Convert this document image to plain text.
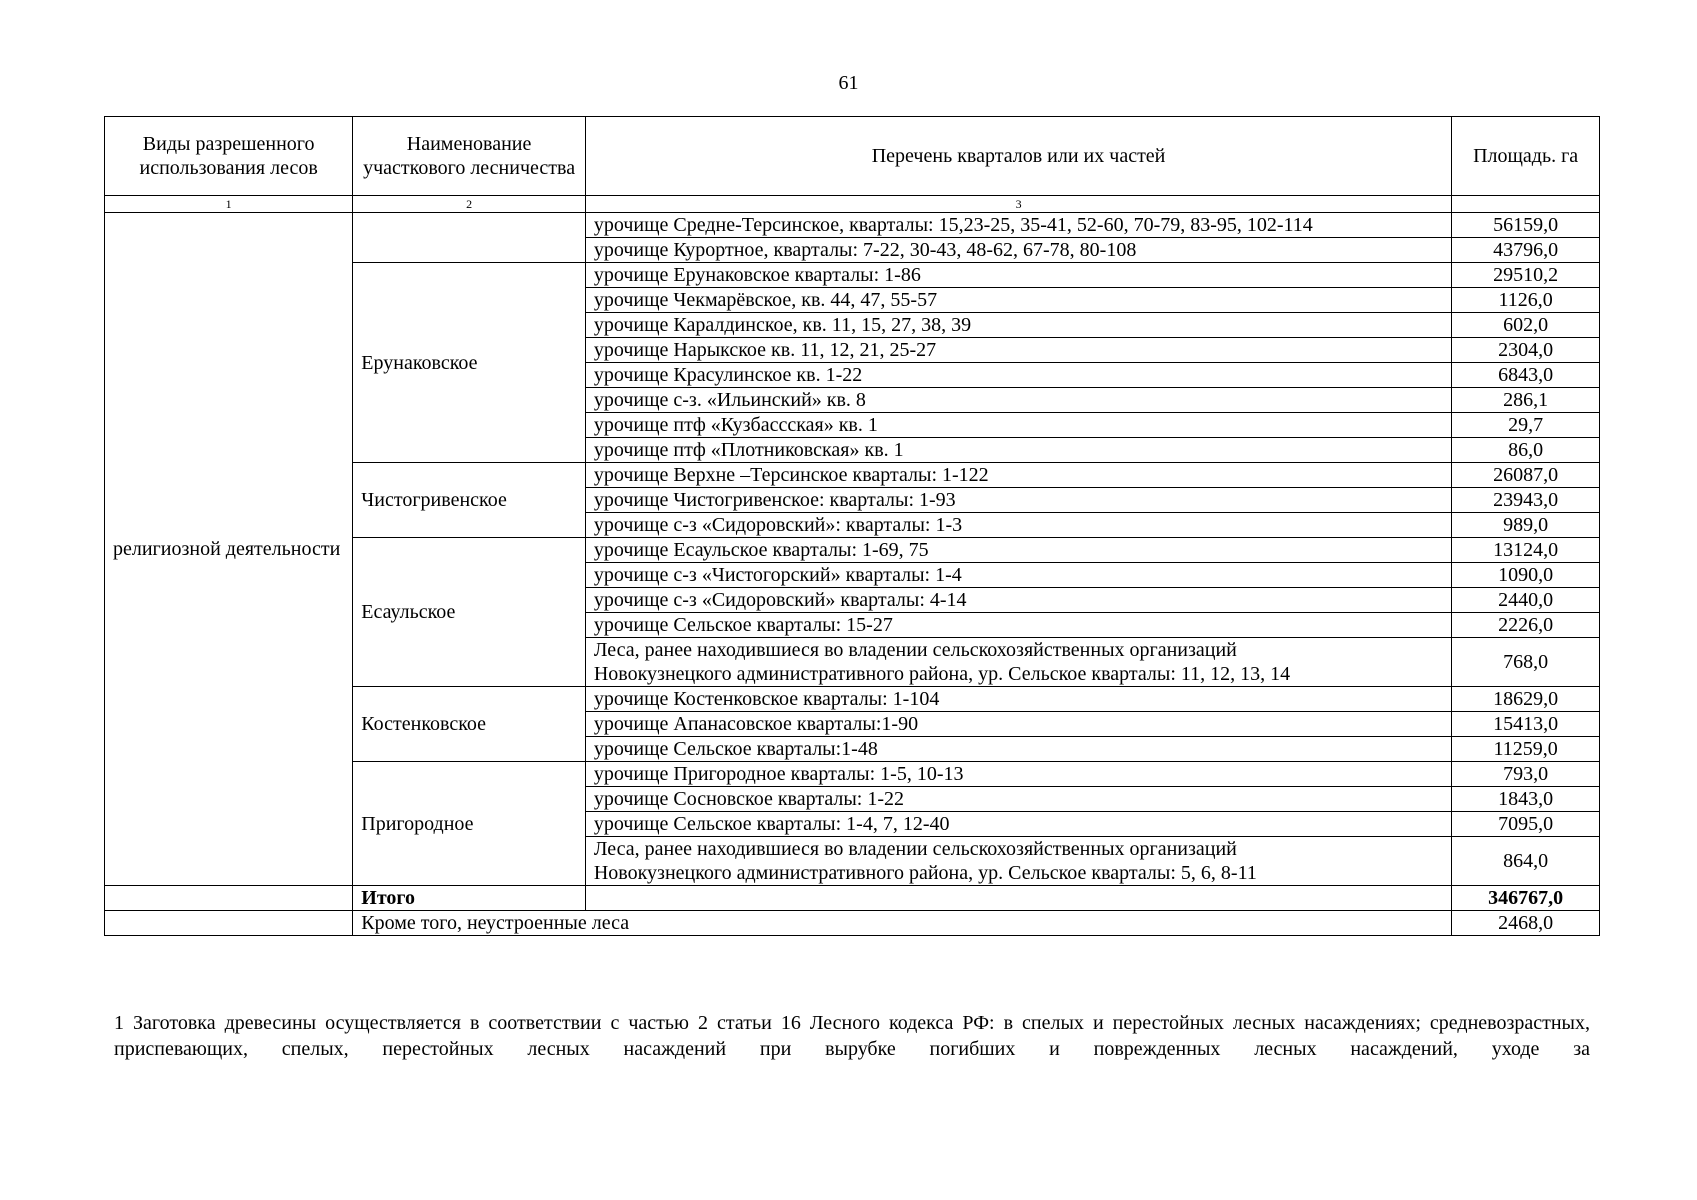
61
Виды разрешенного использования лесов	Наименование участкового лесничества	Перечень кварталов или их частей	Площадь. га
1	2	3	
религиозной деятельности		урочище Средне-Терсинское, кварталы: 15,23-25, 35-41, 52-60, 70-79, 83-95, 102-114	56159,0
		урочище Курортное, кварталы: 7-22, 30-43, 48-62, 67-78, 80-108	43796,0
	Ерунаковское	урочище Ерунаковское кварталы: 1-86	29510,2
		урочище Чекмарёвское, кв. 44, 47, 55-57	1126,0
		урочище Каралдинское, кв. 11, 15, 27, 38, 39	602,0
		урочище Нарыкское кв. 11, 12, 21, 25-27	2304,0
		урочище Красулинское кв. 1-22	6843,0
		урочище с-з. «Ильинский» кв. 8	286,1
		урочище птф «Кузбассская» кв. 1	29,7
		урочище птф «Плотниковская» кв. 1	86,0
	Чистогривенское	урочище Верхне –Терсинское кварталы: 1-122	26087,0
		урочище Чистогривенское: кварталы: 1-93	23943,0
		урочище с-з «Сидоровский»: кварталы: 1-3	989,0
	Есаульское	урочище Есаульское кварталы: 1-69, 75	13124,0
		урочище с-з «Чистогорский» кварталы: 1-4	1090,0
		урочище с-з «Сидоровский» кварталы: 4-14	2440,0
		урочище Сельское кварталы: 15-27	2226,0

		Леса, ранее находившиеся во владении сельскохозяйственных организаций
Новокузнецкого административного района, ур. Сельское кварталы: 11, 12, 13, 14	768,0
	Костенковское	урочище Костенковское кварталы: 1-104	18629,0
		урочище Апанасовское кварталы:1-90	15413,0
		урочище Сельское кварталы:1-48	11259,0
	Пригородное	урочище Пригородное кварталы: 1-5, 10-13	793,0
		урочище Сосновское кварталы: 1-22	1843,0
		урочище Сельское кварталы: 1-4, 7, 12-40	7095,0

		Леса, ранее находившиеся во владении сельскохозяйственных организаций
Новокузнецкого административного района, ур. Сельское кварталы: 5, 6, 8-11	864,0
	Итого		346767,0
	Кроме того, неустроенные леса		2468,0
1 Заготовка древесины осуществляется в соответствии с частью 2 статьи 16 Лесного кодекса РФ: в спелых и перестойных лесных насаждениях; средневозрастных, приспевающих, спелых, перестойных лесных насаждений при вырубке погибших и поврежденных лесных насаждений, уходе за
